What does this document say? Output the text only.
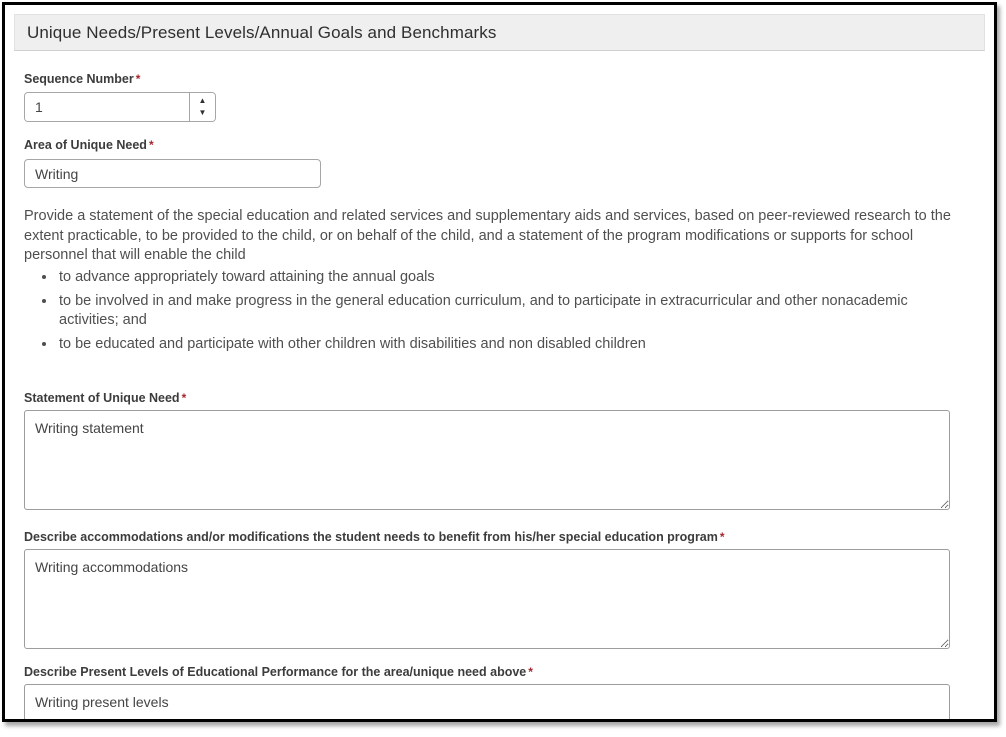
Unique Needs/Present Levels/Annual Goals and Benchmarks
Sequence Number *
1
▲
▼
Area of Unique Need *
Writing
Provide a statement of the special education and related services and supplementary aids and services, based on peer-reviewed research to the extent practicable, to be provided to the child, or on behalf of the child, and a statement of the program modifications or supports for school personnel that will enable the child
• to advance appropriately toward attaining the annual goals
• to be involved in and make progress in the general education curriculum, and to participate in extracurricular and other nonacademic activities; and
• to be educated and participate with other children with disabilities and non disabled children
Statement of Unique Need *
Writing statement
Describe accommodations and/or modifications the student needs to benefit from his/her special education program *
Writing accommodations
Describe Present Levels of Educational Performance for the area/unique need above *
Writing present levels
